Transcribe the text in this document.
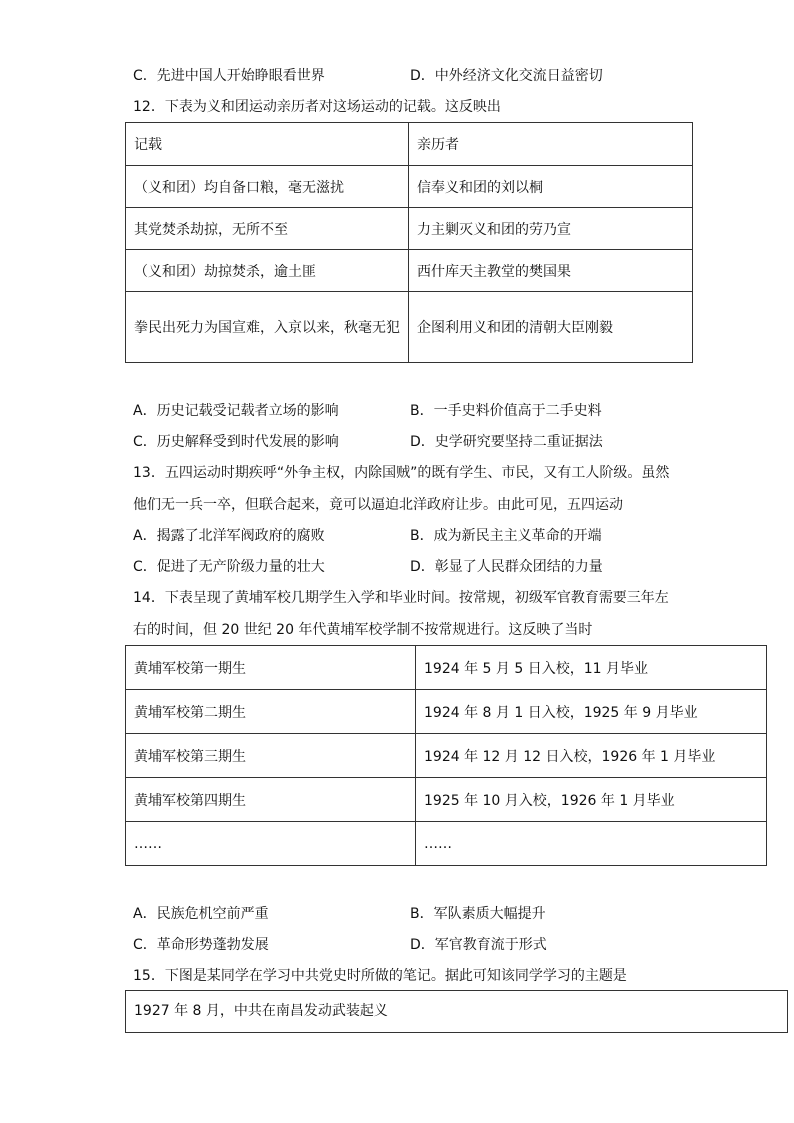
C．先进中国人开始睁眼看世界	D．中外经济文化交流日益密切
12．下表为义和团运动亲历者对这场运动的记载。这反映出
记载	亲历者
（义和团）均自备口粮，毫无滋扰	信奉义和团的刘以桐
其党焚杀劫掠，无所不至	力主剿灭义和团的劳乃宣
（义和团）劫掠焚杀，逾土匪	西什库天主教堂的樊国果
拳民出死力为国宣难，入京以来，秋毫无犯	企图利用义和团的清朝大臣刚毅
A．历史记载受记载者立场的影响	B．一手史料价值高于二手史料
C．历史解释受到时代发展的影响	D．史学研究要坚持二重证据法
13．五四运动时期疾呼“外争主权，内除国贼”的既有学生、市民，又有工人阶级。虽然
他们无一兵一卒，但联合起来，竟可以逼迫北洋政府让步。由此可见，五四运动
A．揭露了北洋军阀政府的腐败	B．成为新民主主义革命的开端
C．促进了无产阶级力量的壮大	D．彰显了人民群众团结的力量
14．下表呈现了黄埔军校几期学生入学和毕业时间。按常规，初级军官教育需要三年左
右的时间，但 20 世纪 20 年代黄埔军校学制不按常规进行。这反映了当时
黄埔军校第一期生	1924 年 5 月 5 日入校，11 月毕业
黄埔军校第二期生	1924 年 8 月 1 日入校，1925 年 9 月毕业
黄埔军校第三期生	1924 年 12 月 12 日入校，1926 年 1 月毕业
黄埔军校第四期生	1925 年 10 月入校，1926 年 1 月毕业
……	……
A．民族危机空前严重	B．军队素质大幅提升
C．革命形势蓬勃发展	D．军官教育流于形式
15．下图是某同学在学习中共党史时所做的笔记。据此可知该同学学习的主题是
1927 年 8 月，中共在南昌发动武装起义
